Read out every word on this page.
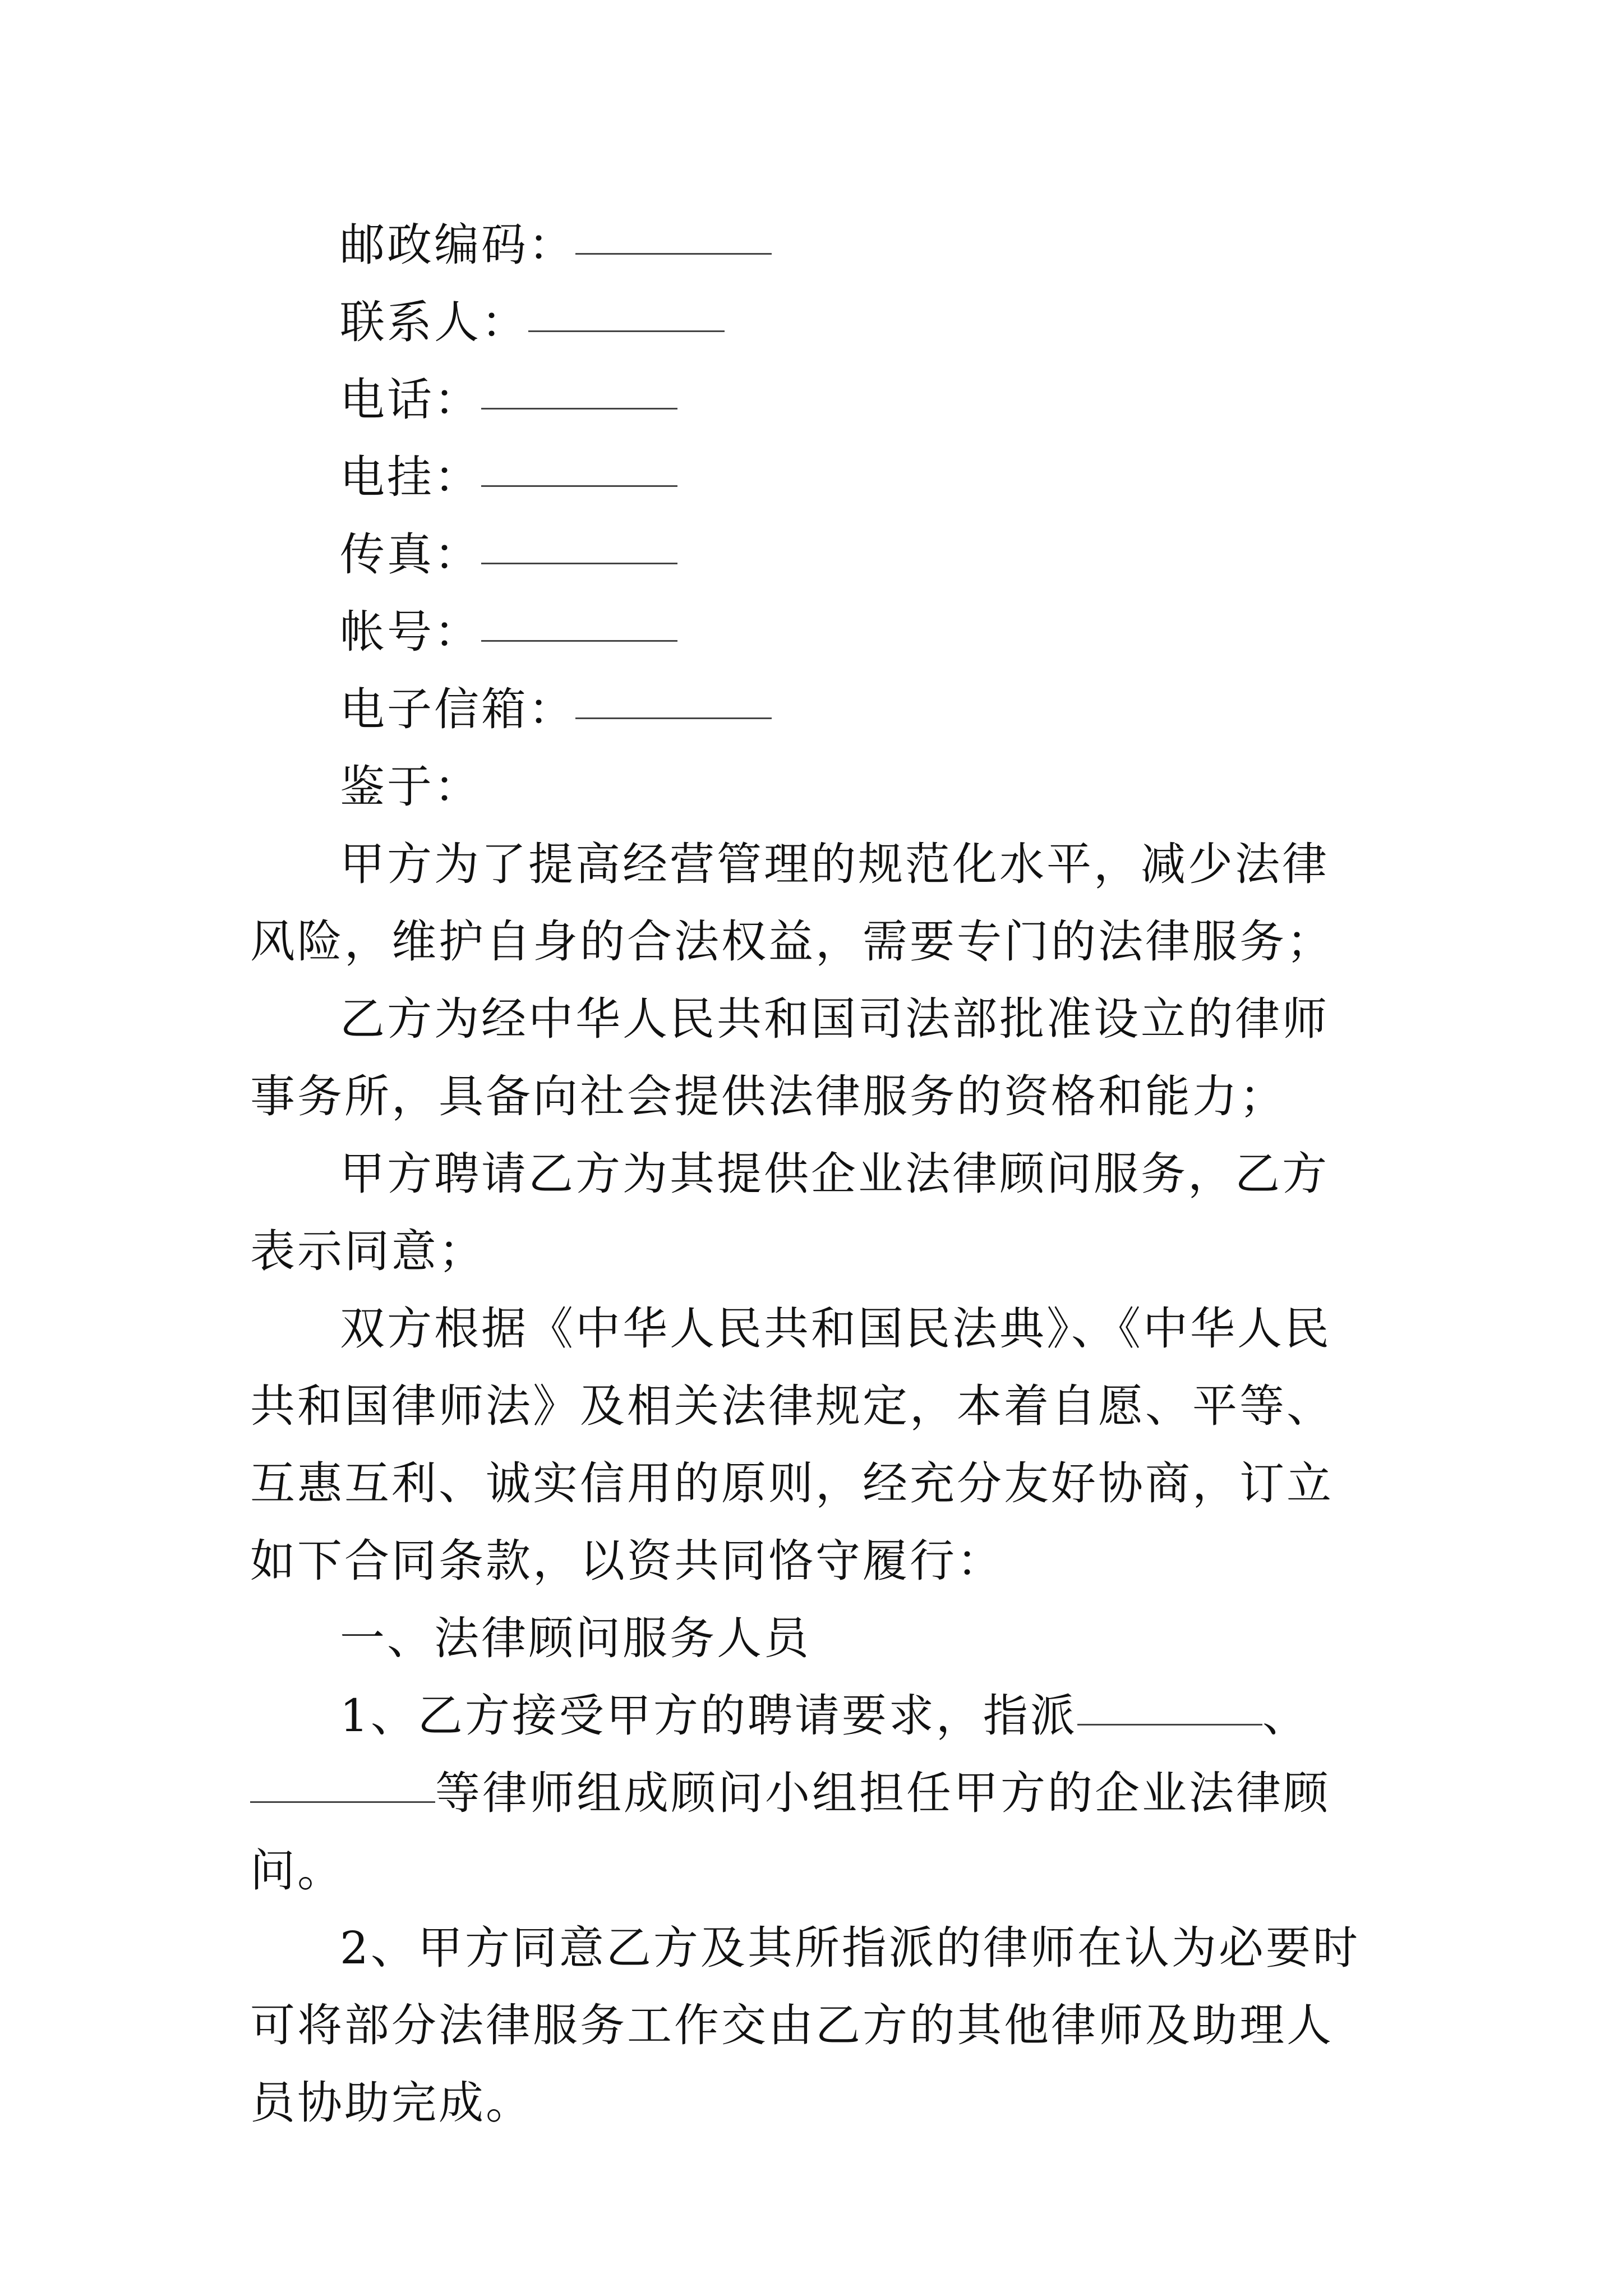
邮政编码：
联系人：
电话：
电挂：
传真：
帐号：
电子信箱：
鉴于：

甲方为了提高经营管理的规范化水平，减少法律风险，维护自身的合法权益，需要专门的法律服务；

乙方为经中华人民共和国司法部批准设立的律师事务所，具备向社会提供法律服务的资格和能力；

甲方聘请乙方为其提供企业法律顾问服务，乙方表示同意；

双方根据《中华人民共和国民法典》、《中华人民共和国律师法》及相关法律规定，本着自愿、平等、互惠互利、诚实信用的原则，经充分友好协商，订立如下合同条款，以资共同恪守履行：

一、法律顾问服务人员

1、乙方接受甲方的聘请要求，指派	、等律师组成顾问小组担任甲方的企业法律顾问。

2、甲方同意乙方及其所指派的律师在认为必要时可将部分法律服务工作交由乙方的其他律师及助理人员协助完成。
